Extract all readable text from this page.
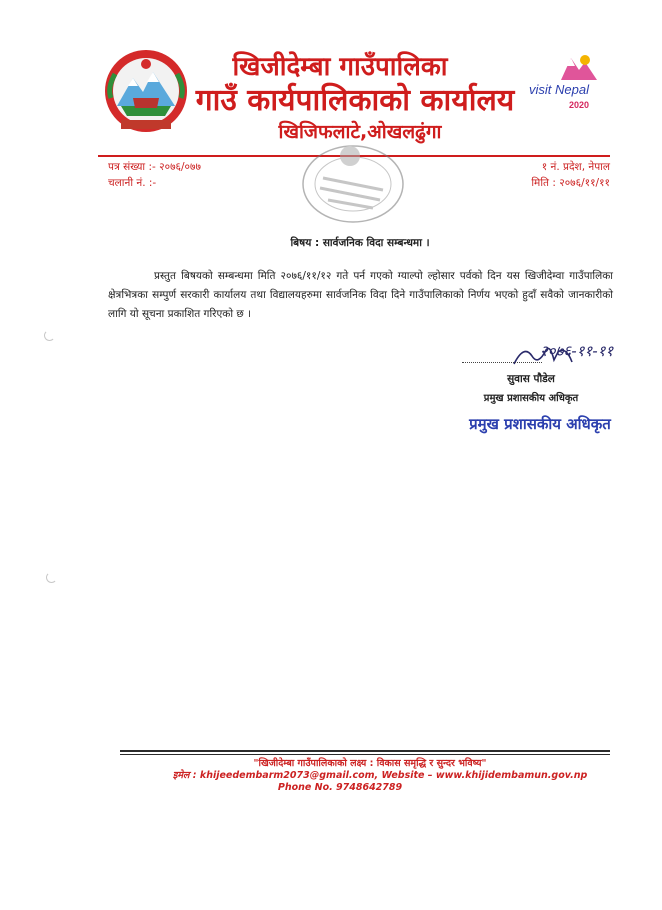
खिजीदेम्बा गाउँपालिका
गाउँ कार्यपालिकाको कार्यालय
खिजिफलाटे,ओखलढुंगा
visit Nepal
2020
पत्र संख्या :- २०७६/०७७
चलानी नं. :-
१ नं. प्रदेश, नेपाल
मिति : २०७६/११/११
बिषय : सार्वजनिक विदा सम्बन्धमा ।
प्रस्तुत बिषयको सम्बन्धमा मिति २०७६/११/१२ गते पर्न गएको ग्याल्पो ल्होसार पर्वको दिन यस खिजीदेम्वा गाउँपालिका क्षेत्रभित्रका सम्पुर्ण सरकारी कार्यालय तथा विद्यालयहरुमा सार्वजनिक विदा दिने गाउँपालिकाको निर्णय भएको हुदाँ सवैको जानकारीको लागि यो सूचना प्रकाशित गरिएको छ ।
२०७६-११-११
सुवास पौडेल
प्रमुख प्रशासकीय अधिकृत
प्रमुख प्रशासकीय अधिकृत
"खिजीदेम्बा गाउँपालिकाको लक्ष्य : विकास समृद्धि र सुन्दर भविष्य"
इमेल : khijeedembarm2073@gmail.com, Website – www.khijidembamun.gov.np
Phone No. 9748642789
